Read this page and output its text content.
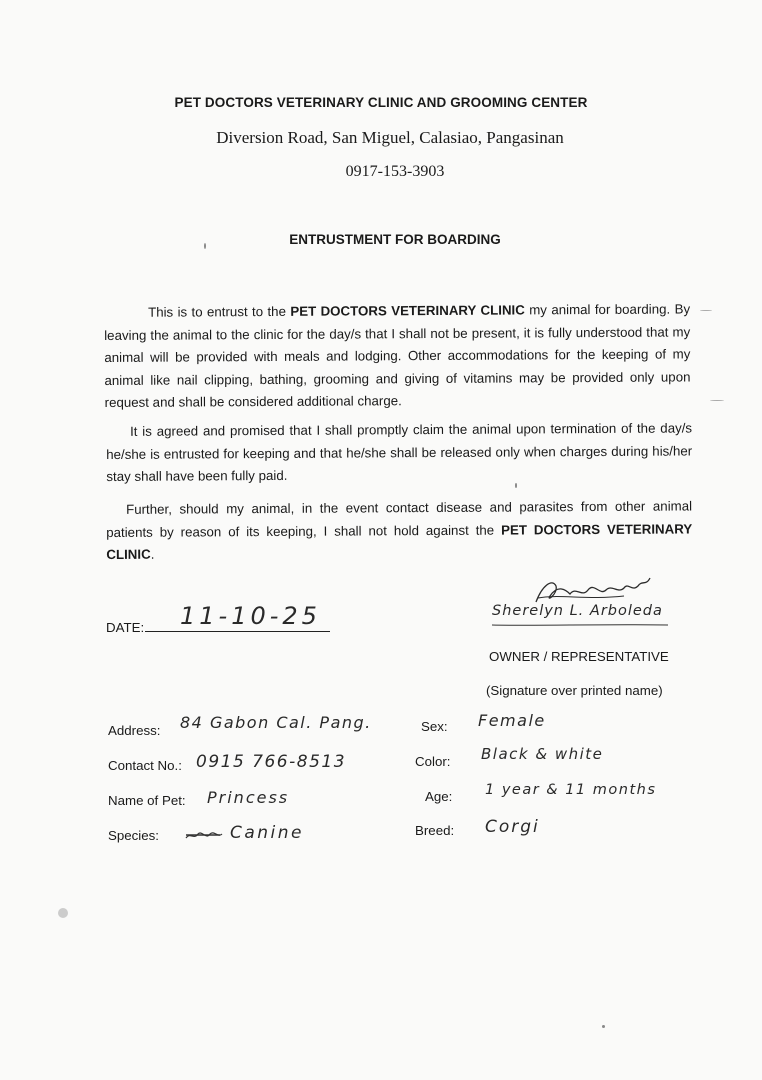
PET DOCTORS VETERINARY CLINIC AND GROOMING CENTER
Diversion Road, San Miguel, Calasiao, Pangasinan
0917-153-3903
ENTRUSTMENT FOR BOARDING
This is to entrust to the PET DOCTORS VETERINARY CLINIC my animal for boarding. By leaving the animal to the clinic for the day/s that I shall not be present, it is fully understood that my animal will be provided with meals and lodging. Other accommodations for the keeping of my animal like nail clipping, bathing, grooming and giving of vitamins may be provided only upon request and shall be considered additional charge.
It is agreed and promised that I shall promptly claim the animal upon termination of the day/s he/she is entrusted for keeping and that he/she shall be released only when charges during his/her stay shall have been fully paid.
Further, should my animal, in the event contact disease and parasites from other animal patients by reason of its keeping, I shall not hold against the PET DOCTORS VETERINARY CLINIC.
DATE: 11-10-25	Sherelyn L. Arboleda
OWNER / REPRESENTATIVE
(Signature over printed name)
Address: 84 Gabon Cal. Pang.
Contact No.: 0915 766-8513
Name of Pet: Princess
Species:	Canine
Sex: Female
Color: Black & white
Age: 1 year & 11 months
Breed: Corgi
